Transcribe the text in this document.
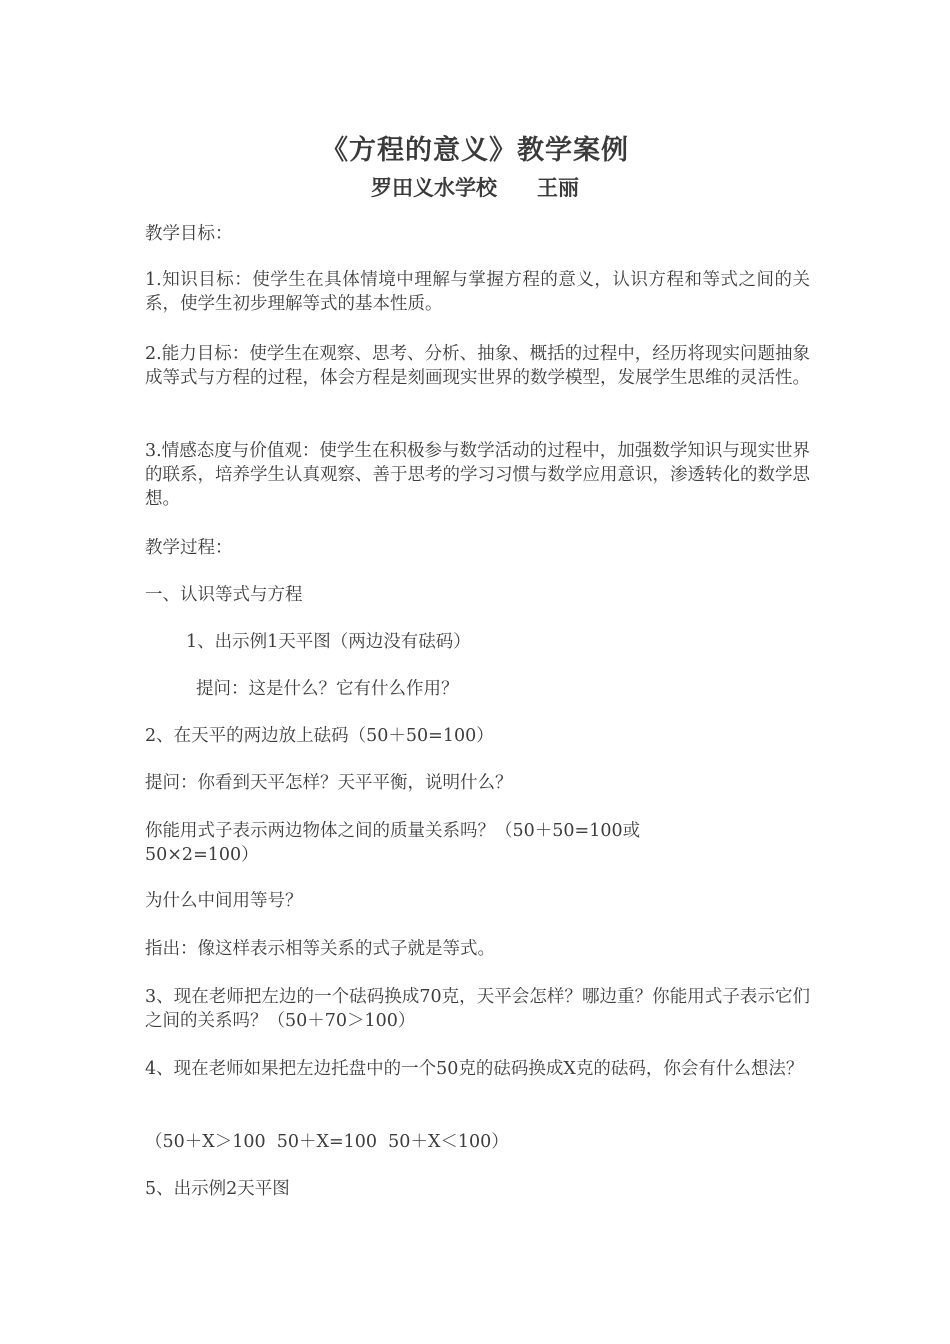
《方程的意义》教学案例
罗田义水学校 王丽

教学目标：

1.知识目标：使学生在具体情境中理解与掌握方程的意义，认识方程和等式之间的关系，使学生初步理解等式的基本性质。

2.能力目标：使学生在观察、思考、分析、抽象、概括的过程中，经历将现实问题抽象成等式与方程的过程，体会方程是刻画现实世界的数学模型，发展学生思维的灵活性。

3.情感态度与价值观：使学生在积极参与数学活动的过程中，加强数学知识与现实世界的联系，培养学生认真观察、善于思考的学习习惯与数学应用意识，渗透转化的数学思想。

教学过程：

一、认识等式与方程

1、出示例1天平图（两边没有砝码）

提问：这是什么？它有什么作用？

2、在天平的两边放上砝码（50＋50=100）

提问：你看到天平怎样？天平平衡，说明什么？

你能用式子表示两边物体之间的质量关系吗？（50＋50=100或

50×2=100）

为什么中间用等号？

指出：像这样表示相等关系的式子就是等式。

3、现在老师把左边的一个砝码换成70克，天平会怎样？哪边重？你能用式子表示它们之间的关系吗？（50＋70＞100）

4、现在老师如果把左边托盘中的一个50克的砝码换成X克的砝码，你会有什么想法？

（50＋X＞100  50＋X=100  50＋X＜100）

5、出示例2天平图
